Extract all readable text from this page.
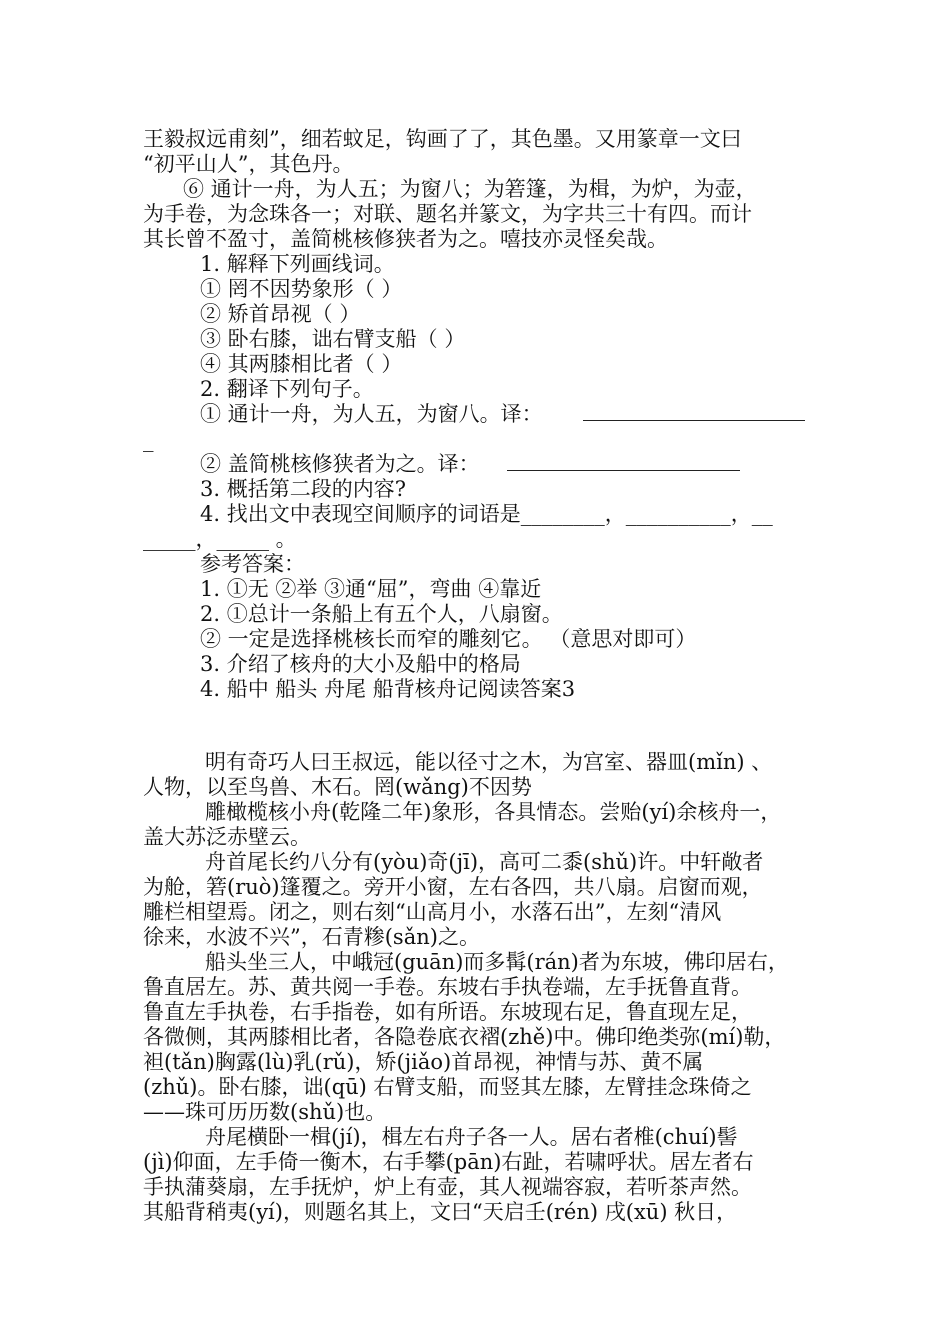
王毅叔远甫刻”，细若蚊足，钩画了了，其色墨。又用篆章一文曰
“初平山人”，其色丹。
⑥ 通计一舟，为人五；为窗八；为箬篷，为楫，为炉，为壶，
为手卷，为念珠各一；对联、题名并篆文，为字共三十有四。而计
其长曾不盈寸，盖简桃核修狭者为之。嘻技亦灵怪矣哉。
1. 解释下列画线词。
① 罔不因势象形（ ）
② 矫首昂视（ ）
③ 卧右膝，诎右臂支船（ ）
④ 其两膝相比者（ ）
2. 翻译下列句子。
① 通计一舟，为人五，为窗八。译：
_
② 盖简桃核修狭者为之。译：
3. 概括第二段的内容?
4. 找出文中表现空间顺序的词语是________，__________，__
_____，_____ 。
参考答案：
1. ①无 ②举 ③通“屈”，弯曲 ④靠近
2. ①总计一条船上有五个人，八扇窗。
② 一定是选择桃核长而窄的雕刻它。 （意思对即可）
3. 介绍了核舟的大小及船中的格局
4. 船中 船头 舟尾 船背核舟记阅读答案3
明有奇巧人曰王叔远，能以径寸之木，为宫室、器皿(mǐn) 、
人物，以至鸟兽、木石。罔(wǎng)不因势
雕橄榄核小舟(乾隆二年)象形，各具情态。尝贻(yí)余核舟一，
盖大苏泛赤壁云。
舟首尾长约八分有(yòu)奇(jī)，高可二黍(shǔ)许。中轩敞者
为舱，箬(ruò)篷覆之。旁开小窗，左右各四，共八扇。启窗而观，
雕栏相望焉。闭之，则右刻“山高月小，水落石出”，左刻“清风
徐来，水波不兴”，石青糁(sǎn)之。
船头坐三人，中峨冠(guān)而多髯(rán)者为东坡，佛印居右，
鲁直居左。苏、黄共阅一手卷。东坡右手执卷端，左手抚鲁直背。
鲁直左手执卷，右手指卷，如有所语。东坡现右足，鲁直现左足，
各微侧，其两膝相比者，各隐卷底衣褶(zhě)中。佛印绝类弥(mí)勒，
袒(tǎn)胸露(lù)乳(rǔ)，矫(jiǎo)首昂视，神情与苏、黄不属
(zhǔ)。卧右膝，诎(qū) 右臂支船，而竖其左膝，左臂挂念珠倚之
——珠可历历数(shǔ)也。
舟尾横卧一楫(jí)，楫左右舟子各一人。居右者椎(chuí)髻
(jì)仰面，左手倚一衡木，右手攀(pān)右趾，若啸呼状。居左者右
手执蒲葵扇，左手抚炉，炉上有壶，其人视端容寂，若听茶声然。
其船背稍夷(yí)，则题名其上，文曰“天启壬(rén) 戌(xū) 秋日，
